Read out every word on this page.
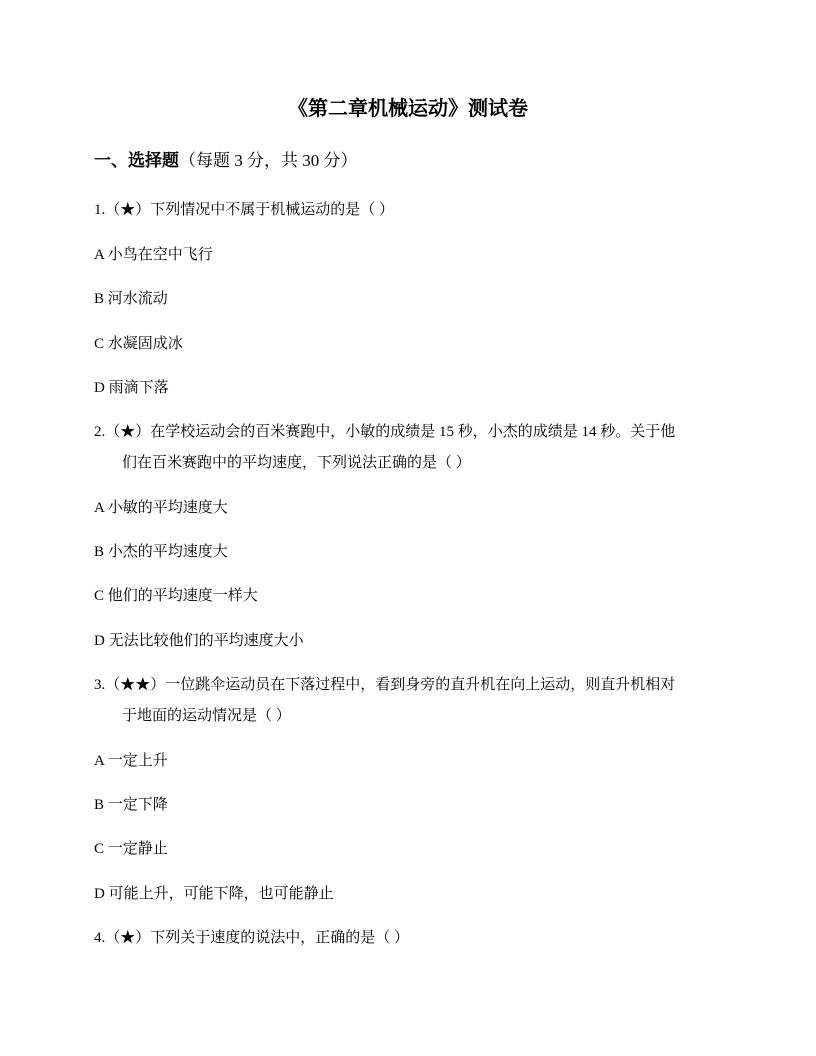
《第二章机械运动》测试卷
一、选择题（每题 3 分，共 30 分）
1.（★）下列情况中不属于机械运动的是（ ）
A 小鸟在空中飞行
B 河水流动
C 水凝固成冰
D 雨滴下落
2.（★）在学校运动会的百米赛跑中，小敏的成绩是 15 秒，小杰的成绩是 14 秒。关于他
们在百米赛跑中的平均速度，下列说法正确的是（ ）
A 小敏的平均速度大
B 小杰的平均速度大
C 他们的平均速度一样大
D 无法比较他们的平均速度大小
3.（★★）一位跳伞运动员在下落过程中，看到身旁的直升机在向上运动，则直升机相对
于地面的运动情况是（ ）
A 一定上升
B 一定下降
C 一定静止
D 可能上升，可能下降，也可能静止
4.（★）下列关于速度的说法中，正确的是（ ）
